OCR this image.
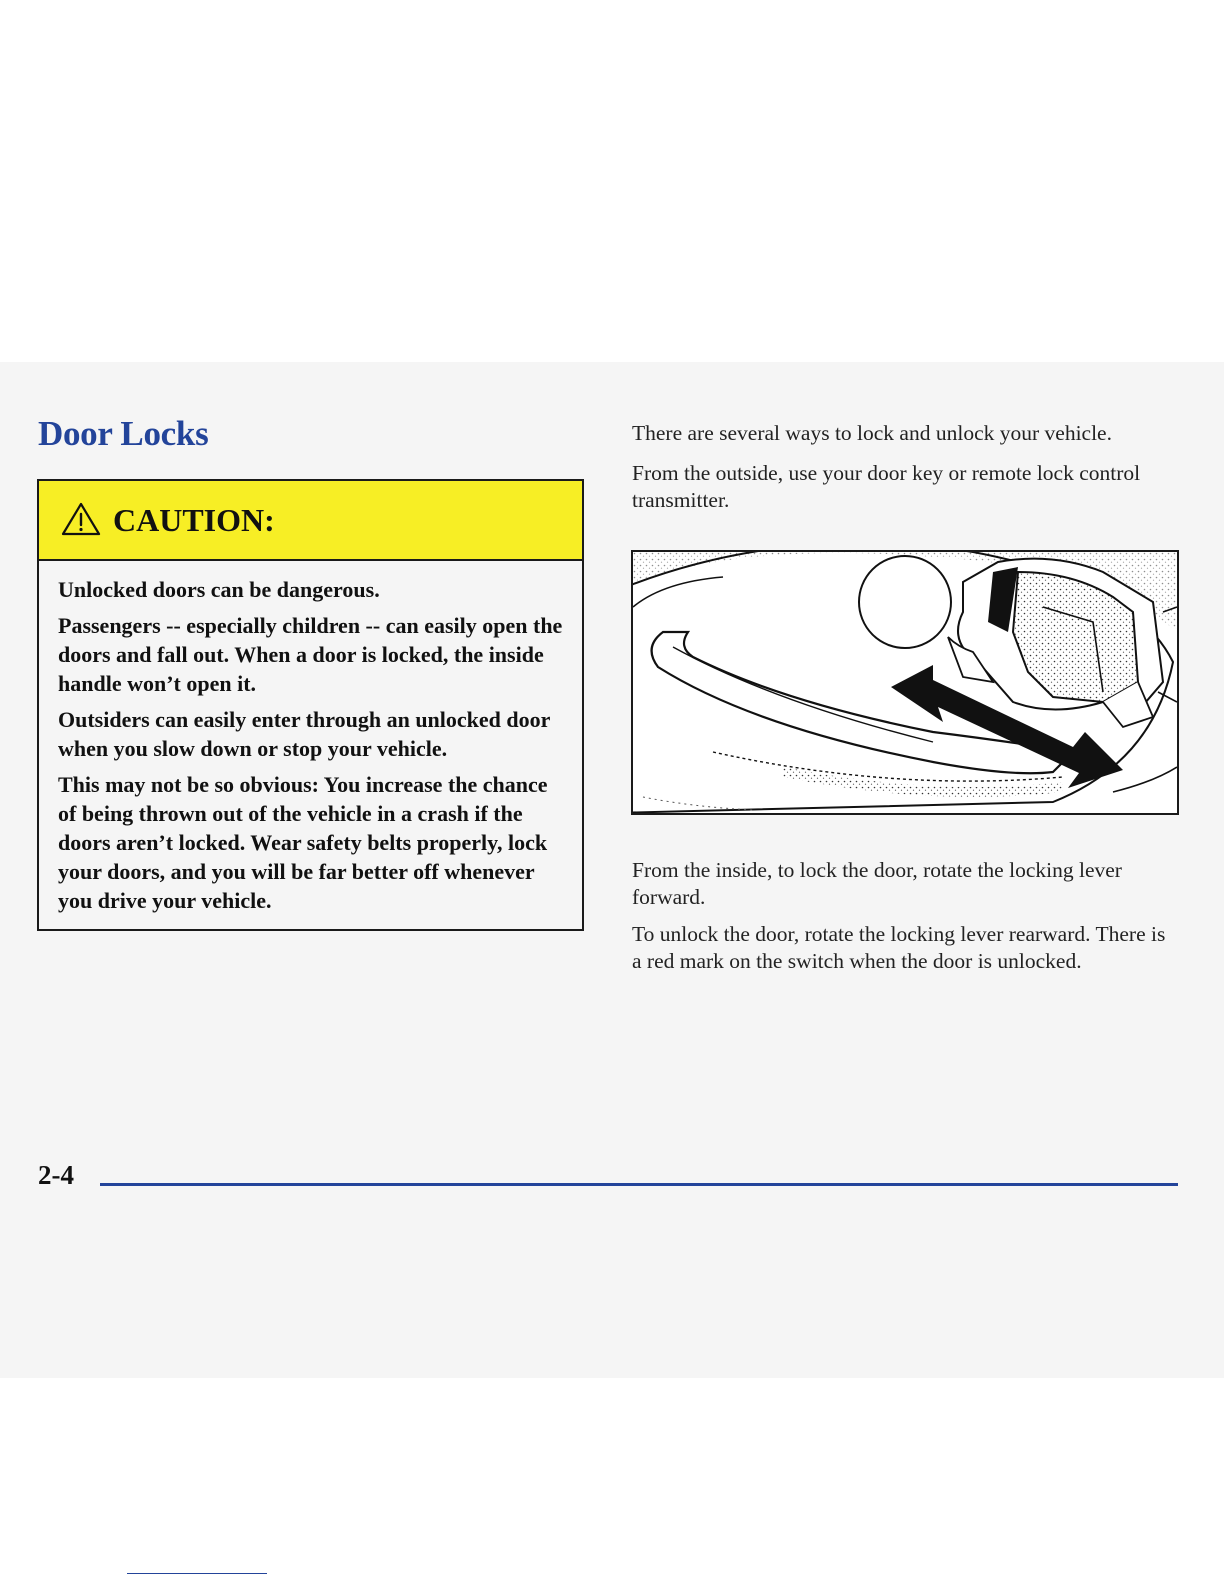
Door Locks
CAUTION:

Unlocked doors can be dangerous.

Passengers -- especially children -- can easily open the doors and fall out. When a door is locked, the inside handle won’t open it.

Outsiders can easily enter through an unlocked door when you slow down or stop your vehicle.

This may not be so obvious: You increase the chance of being thrown out of the vehicle in a crash if the doors aren’t locked. Wear safety belts properly, lock your doors, and you will be far better off whenever you drive your vehicle.

There are several ways to lock and unlock your vehicle.

From the outside, use your door key or remote lock control transmitter.

From the inside, to lock the door, rotate the locking lever forward.

To unlock the door, rotate the locking lever rearward. There is a red mark on the switch when the door is unlocked.

2-4
